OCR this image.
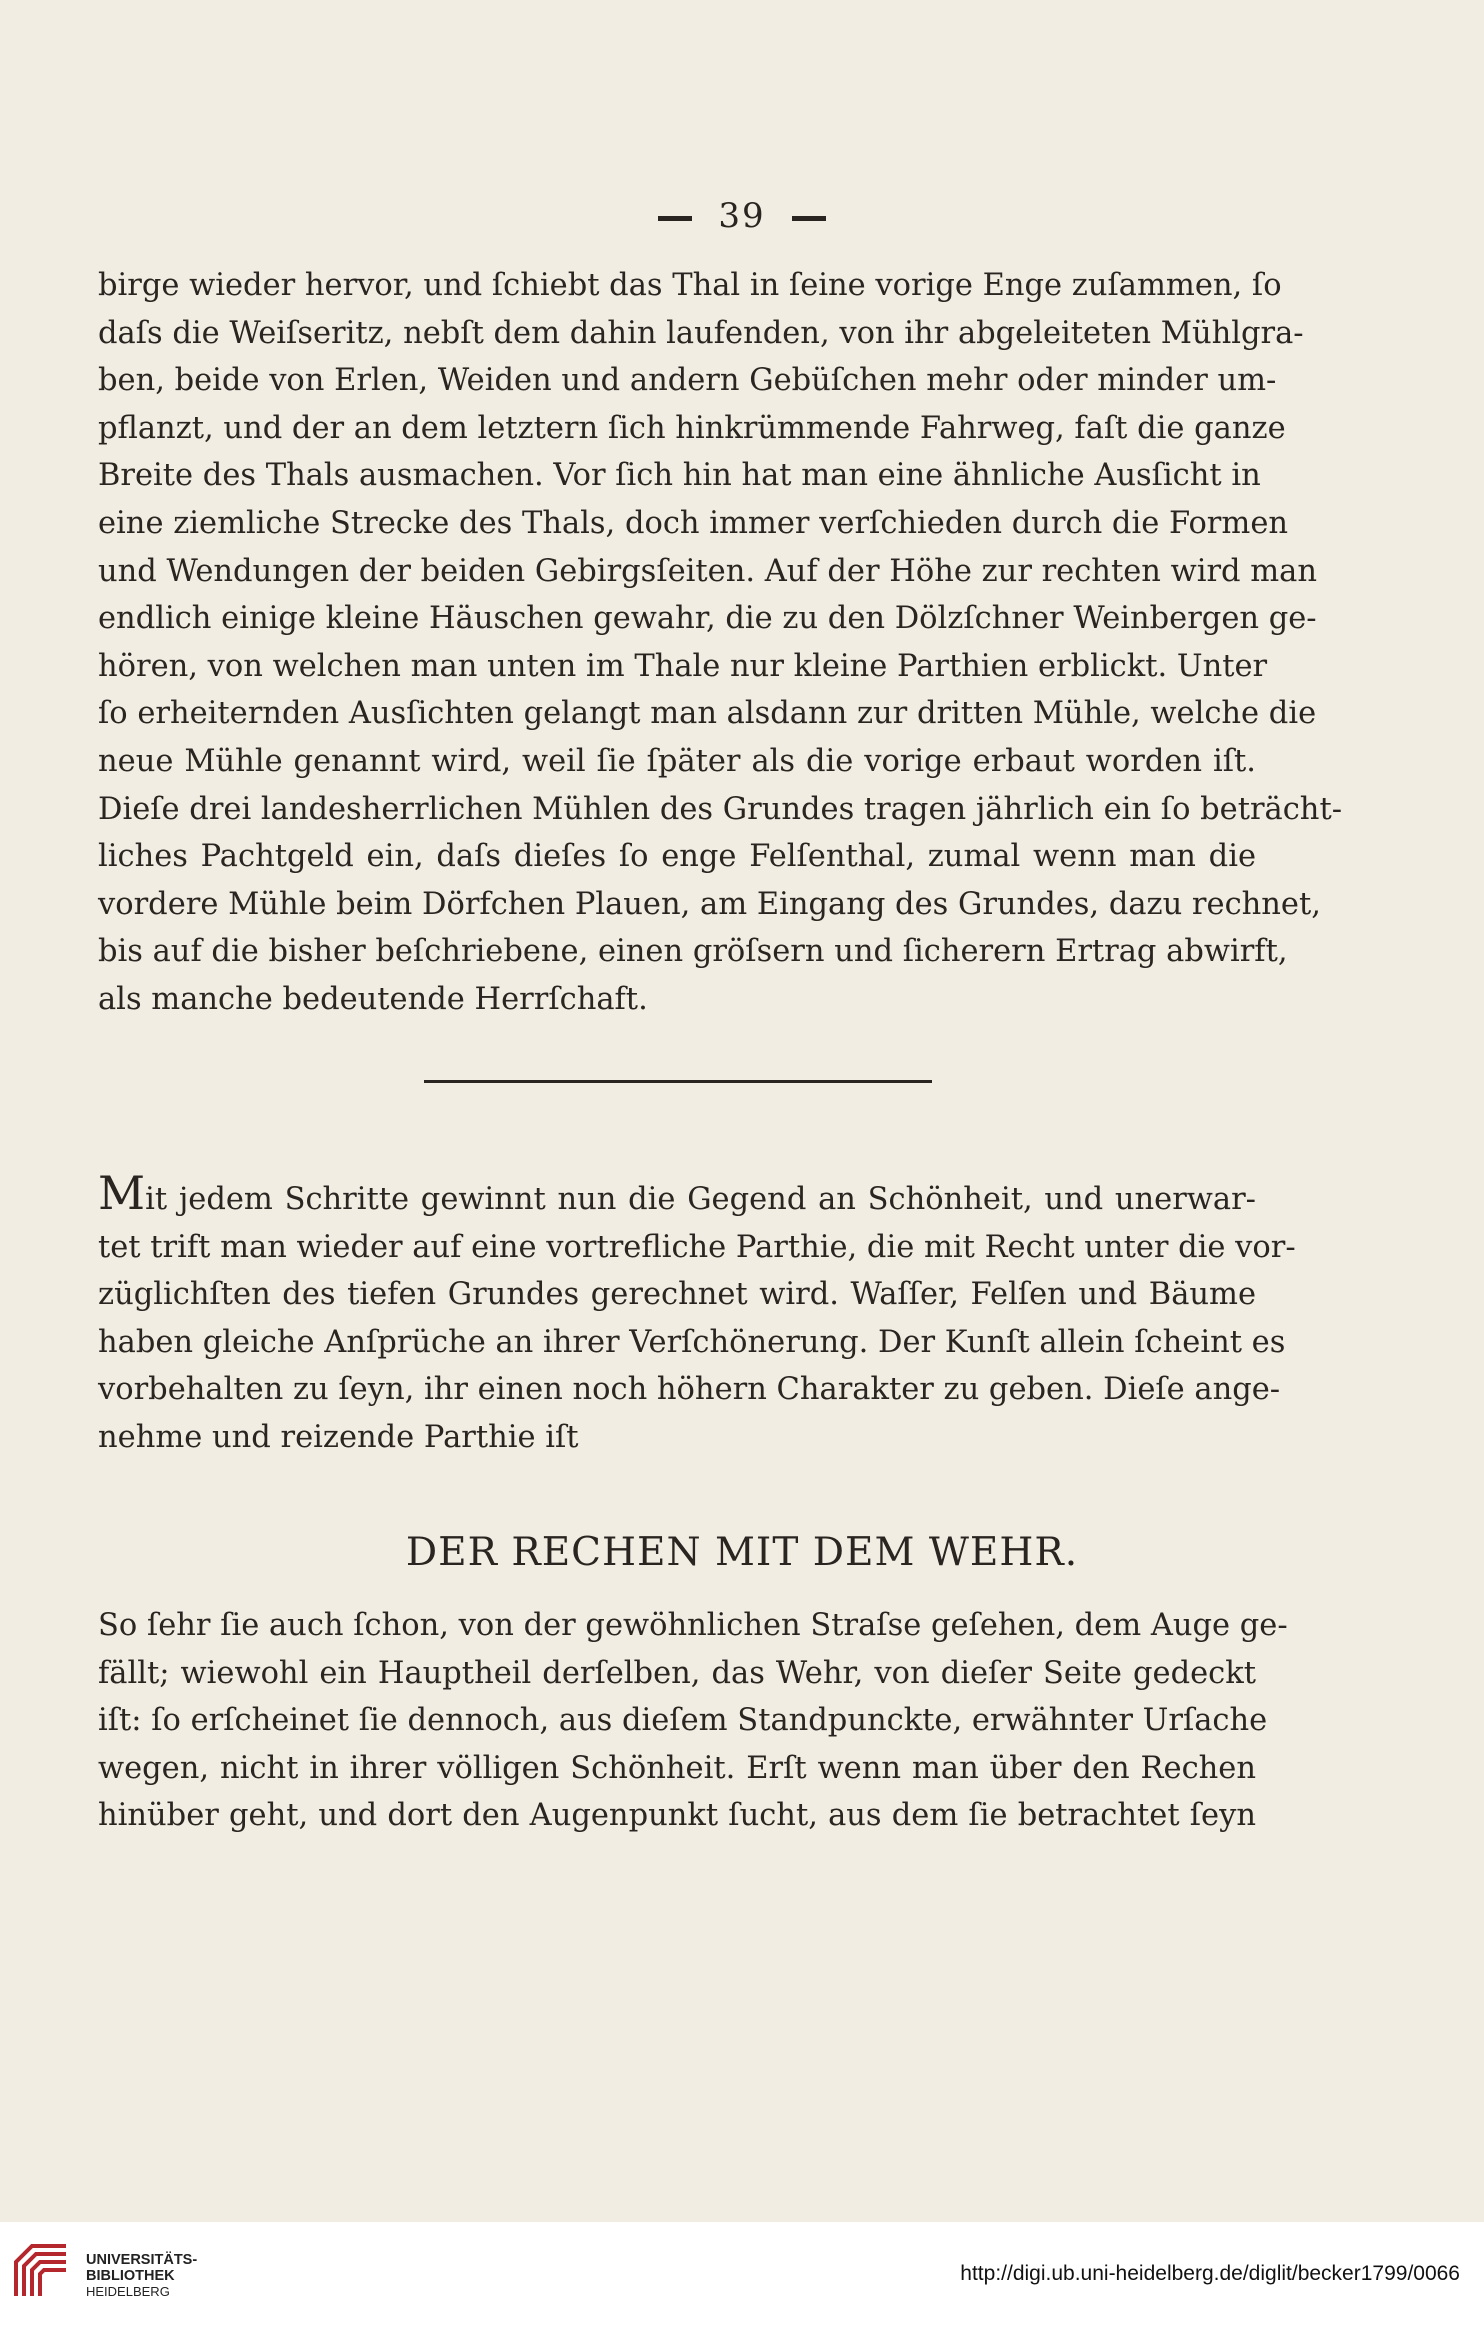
39
birge wieder hervor, und ſchiebt das Thal in ſeine vorige Enge zuſammen, ſo
daſs die Weiſseritz, nebſt dem dahin laufenden, von ihr abgeleiteten Mühlgra-
ben, beide von Erlen, Weiden und andern Gebüſchen mehr oder minder um-
pflanzt, und der an dem letztern ſich hinkrümmende Fahrweg, faſt die ganze
Breite des Thals ausmachen. Vor ſich hin hat man eine ähnliche Ausſicht in
eine ziemliche Strecke des Thals, doch immer verſchieden durch die Formen
und Wendungen der beiden Gebirgsſeiten. Auf der Höhe zur rechten wird man
endlich einige kleine Häuschen gewahr, die zu den Dölzſchner Weinbergen ge-
hören, von welchen man unten im Thale nur kleine Parthien erblickt. Unter
ſo erheiternden Ausſichten gelangt man alsdann zur dritten Mühle, welche die
neue Mühle genannt wird, weil ſie ſpäter als die vorige erbaut worden iſt.
Dieſe drei landesherrlichen Mühlen des Grundes tragen jährlich ein ſo beträcht-
liches Pachtgeld ein, daſs dieſes ſo enge Felſenthal, zumal wenn man die
vordere Mühle beim Dörfchen Plauen, am Eingang des Grundes, dazu rechnet,
bis auf die bisher beſchriebene, einen gröſsern und ſicherern Ertrag abwirft,
als manche bedeutende Herrſchaft.
Mit jedem Schritte gewinnt nun die Gegend an Schönheit, und unerwar-
tet trift man wieder auf eine vortrefliche Parthie, die mit Recht unter die vor-
züglichſten des tiefen Grundes gerechnet wird. Waſſer, Felſen und Bäume
haben gleiche Anſprüche an ihrer Verſchönerung. Der Kunſt allein ſcheint es
vorbehalten zu ſeyn, ihr einen noch höhern Charakter zu geben. Dieſe ange-
nehme und reizende Parthie iſt
DER RECHEN MIT DEM WEHR.
So ſehr ſie auch ſchon, von der gewöhnlichen Straſse geſehen, dem Auge ge-
fällt; wiewohl ein Hauptheil derſelben, das Wehr, von dieſer Seite gedeckt
iſt: ſo erſcheinet ſie dennoch, aus dieſem Standpunckte, erwähnter Urſache
wegen, nicht in ihrer völligen Schönheit. Erſt wenn man über den Rechen
hinüber geht, und dort den Augenpunkt ſucht, aus dem ſie betrachtet ſeyn
UNIVERSITÄTS-
BIBLIOTHEK
HEIDELBERG
http://digi.ub.uni-heidelberg.de/diglit/becker1799/0066
